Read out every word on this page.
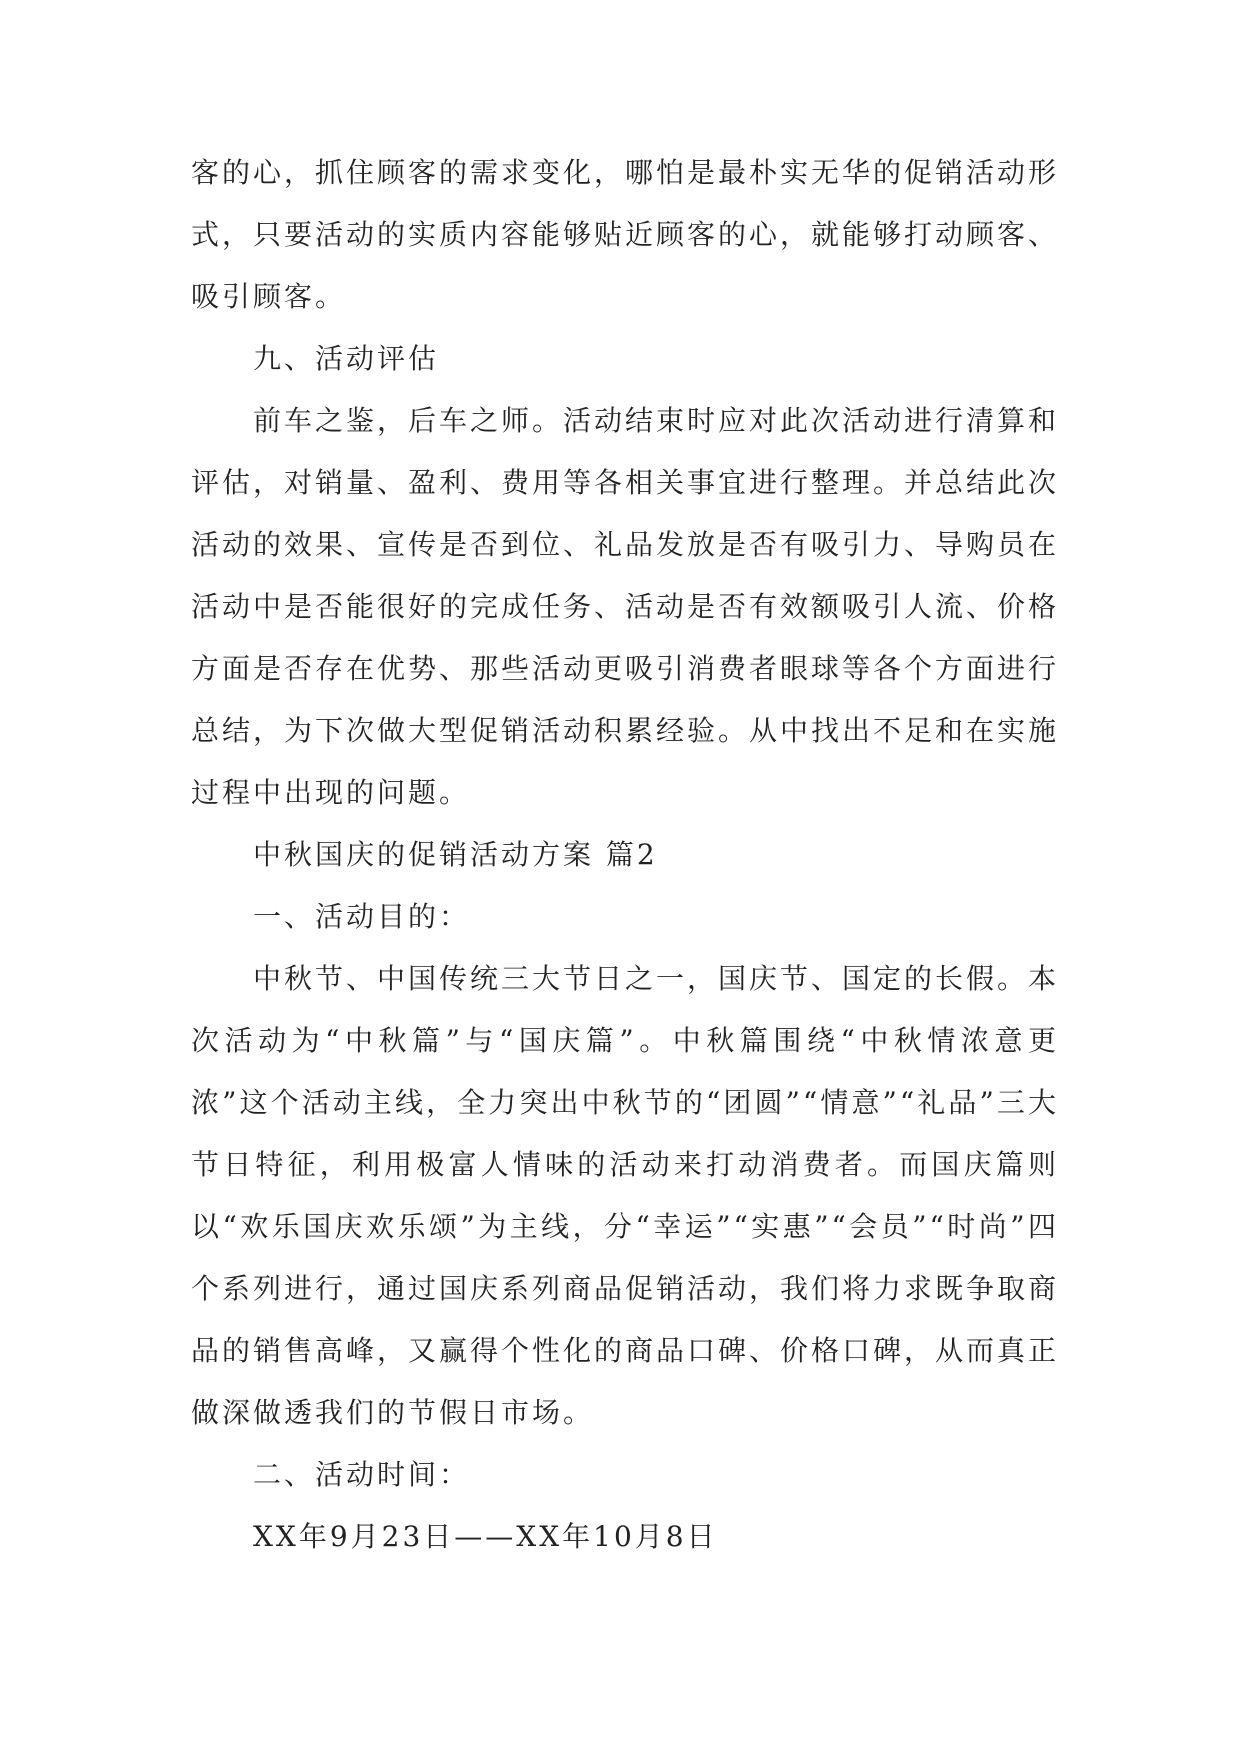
客的心，抓住顾客的需求变化，哪怕是最朴实无华的促销活动形式，只要活动的实质内容能够贴近顾客的心，就能够打动顾客、吸引顾客。

九、活动评估

前车之鉴，后车之师。活动结束时应对此次活动进行清算和评估，对销量、盈利、费用等各相关事宜进行整理。并总结此次活动的效果、宣传是否到位、礼品发放是否有吸引力、导购员在活动中是否能很好的完成任务、活动是否有效额吸引人流、价格方面是否存在优势、那些活动更吸引消费者眼球等各个方面进行总结，为下次做大型促销活动积累经验。从中找出不足和在实施过程中出现的问题。

中秋国庆的促销活动方案 篇2

一、活动目的：

中秋节、中国传统三大节日之一，国庆节、国定的长假。本次活动为“中秋篇”与“国庆篇”。中秋篇围绕“中秋情浓意更浓”这个活动主线，全力突出中秋节的“团圆”“情意”“礼品”三大节日特征，利用极富人情味的活动来打动消费者。而国庆篇则以“欢乐国庆欢乐颂”为主线，分“幸运”“实惠”“会员”“时尚”四个系列进行，通过国庆系列商品促销活动，我们将力求既争取商品的销售高峰，又赢得个性化的商品口碑、价格口碑，从而真正做深做透我们的节假日市场。

二、活动时间：

XX年9月23日——XX年10月8日
